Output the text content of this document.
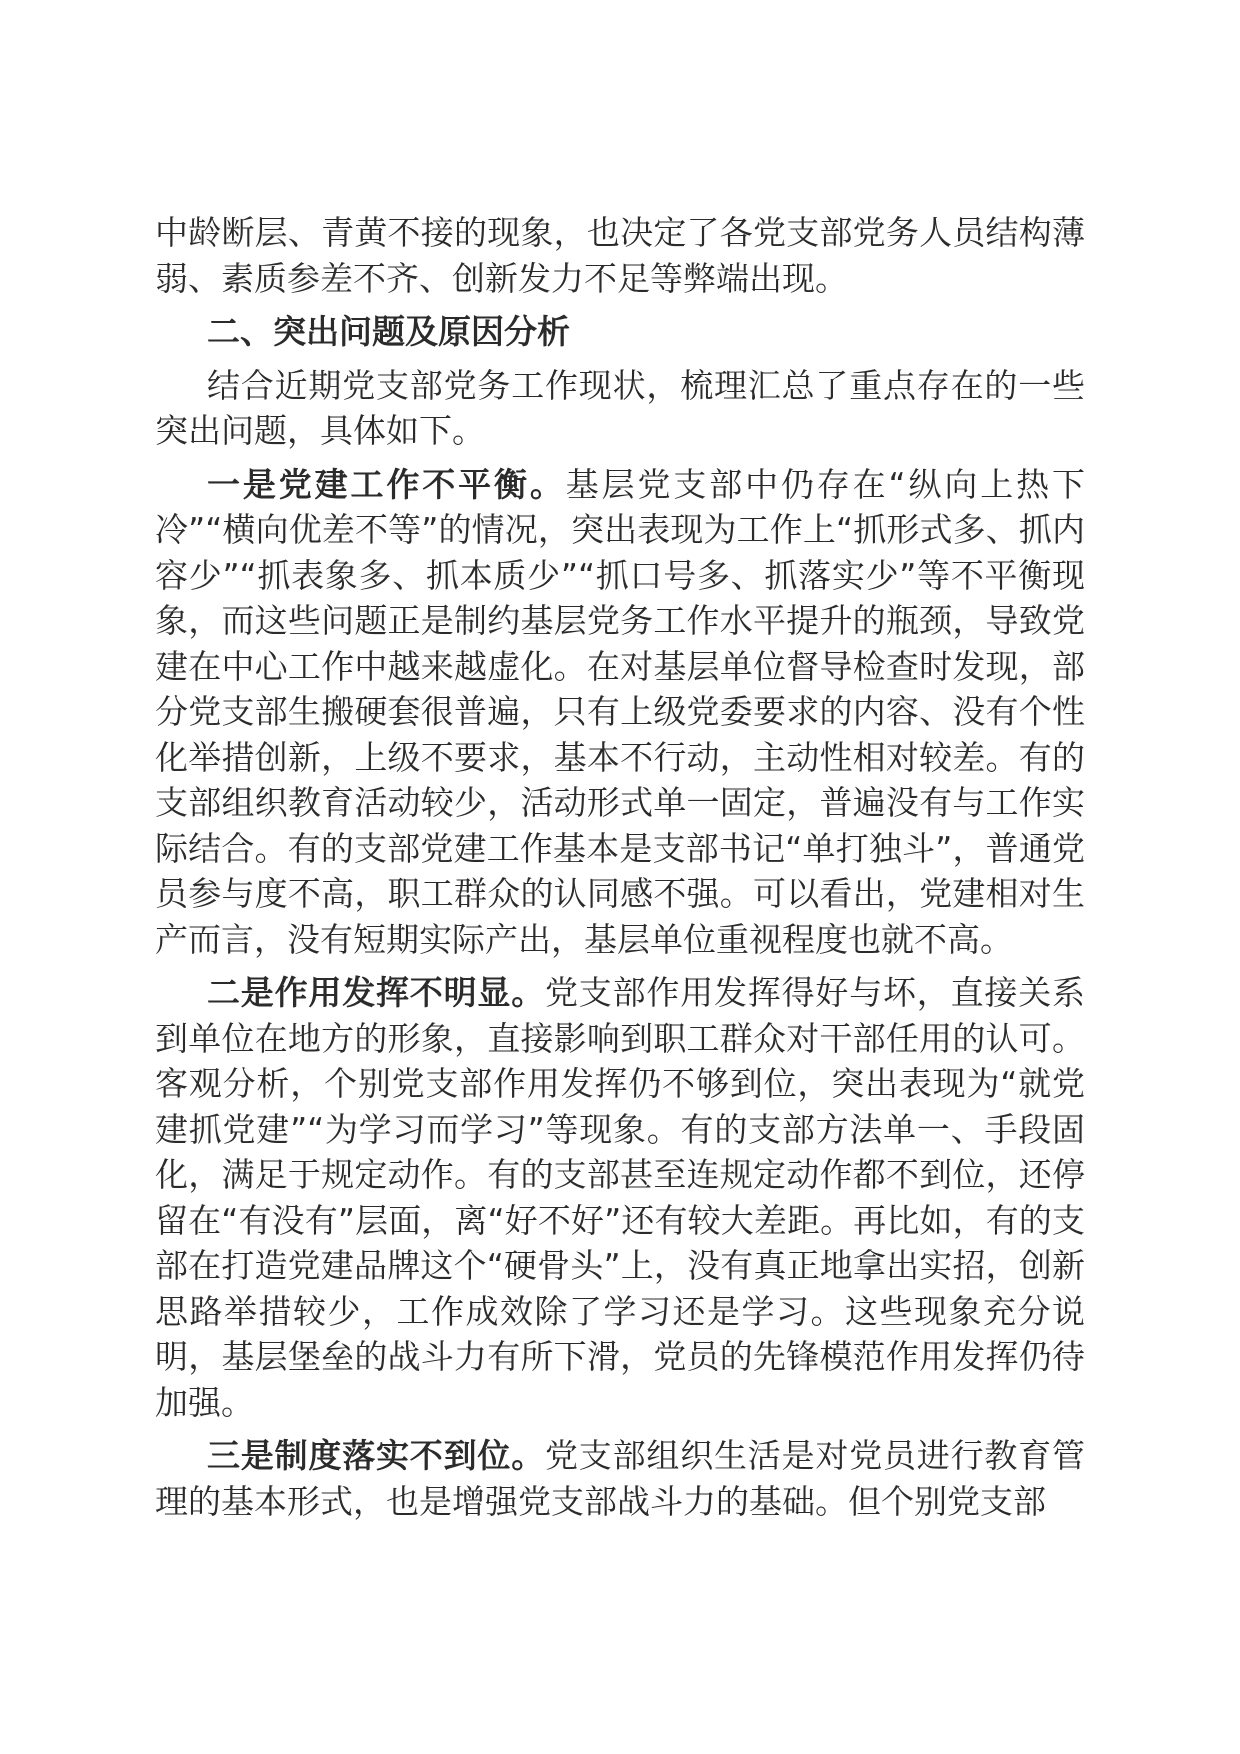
中龄断层、青黄不接的现象，也决定了各党支部党务人员结构薄弱、素质参差不齐、创新发力不足等弊端出现。

二、突出问题及原因分析

结合近期党支部党务工作现状，梳理汇总了重点存在的一些突出问题，具体如下。

一是党建工作不平衡。基层党支部中仍存在“纵向上热下冷”“横向优差不等”的情况，突出表现为工作上“抓形式多、抓内容少”“抓表象多、抓本质少”“抓口号多、抓落实少”等不平衡现象，而这些问题正是制约基层党务工作水平提升的瓶颈，导致党建在中心工作中越来越虚化。在对基层单位督导检查时发现，部分党支部生搬硬套很普遍，只有上级党委要求的内容、没有个性化举措创新，上级不要求，基本不行动，主动性相对较差。有的支部组织教育活动较少，活动形式单一固定，普遍没有与工作实际结合。有的支部党建工作基本是支部书记“单打独斗”，普通党员参与度不高，职工群众的认同感不强。可以看出，党建相对生产而言，没有短期实际产出，基层单位重视程度也就不高。

二是作用发挥不明显。党支部作用发挥得好与坏，直接关系到单位在地方的形象，直接影响到职工群众对干部任用的认可。客观分析，个别党支部作用发挥仍不够到位，突出表现为“就党建抓党建”“为学习而学习”等现象。有的支部方法单一、手段固化，满足于规定动作。有的支部甚至连规定动作都不到位，还停留在“有没有”层面，离“好不好”还有较大差距。再比如，有的支部在打造党建品牌这个“硬骨头”上，没有真正地拿出实招，创新思路举措较少，工作成效除了学习还是学习。这些现象充分说明，基层堡垒的战斗力有所下滑，党员的先锋模范作用发挥仍待加强。

三是制度落实不到位。党支部组织生活是对党员进行教育管理的基本形式，也是增强党支部战斗力的基础。但个别党支部
